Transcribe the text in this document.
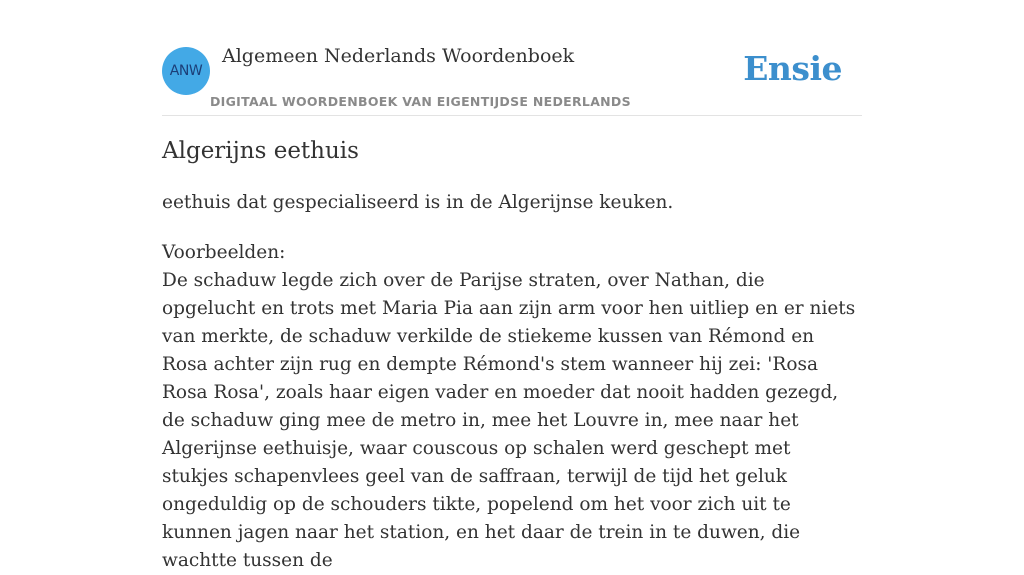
ANW
Algemeen Nederlands Woordenboek
DIGITAAL WOORDENBOEK VAN EIGENTIJDSE NEDERLANDS
Ensie
Algerijns eethuis

eethuis dat gespecialiseerd is in de Algerijnse keuken.

Voorbeelden:
De schaduw legde zich over de Parijse straten, over Nathan, die opgelucht en trots met Maria Pia aan zijn arm voor hen uitliep en er niets van merkte, de schaduw verkilde de stiekeme kussen van Rémond en Rosa achter zijn rug en dempte Rémond's stem wanneer hij zei: 'Rosa Rosa Rosa', zoals haar eigen vader en moeder dat nooit hadden gezegd, de schaduw ging mee de metro in, mee het Louvre in, mee naar het Algerijnse eethuisje, waar couscous op schalen werd geschept met stukjes schapenvlees geel van de saffraan, terwijl de tijd het geluk ongeduldig op de schouders tikte, popelend om het voor zich uit te kunnen jagen naar het station, en het daar de trein in te duwen, die wachtte tussen de
